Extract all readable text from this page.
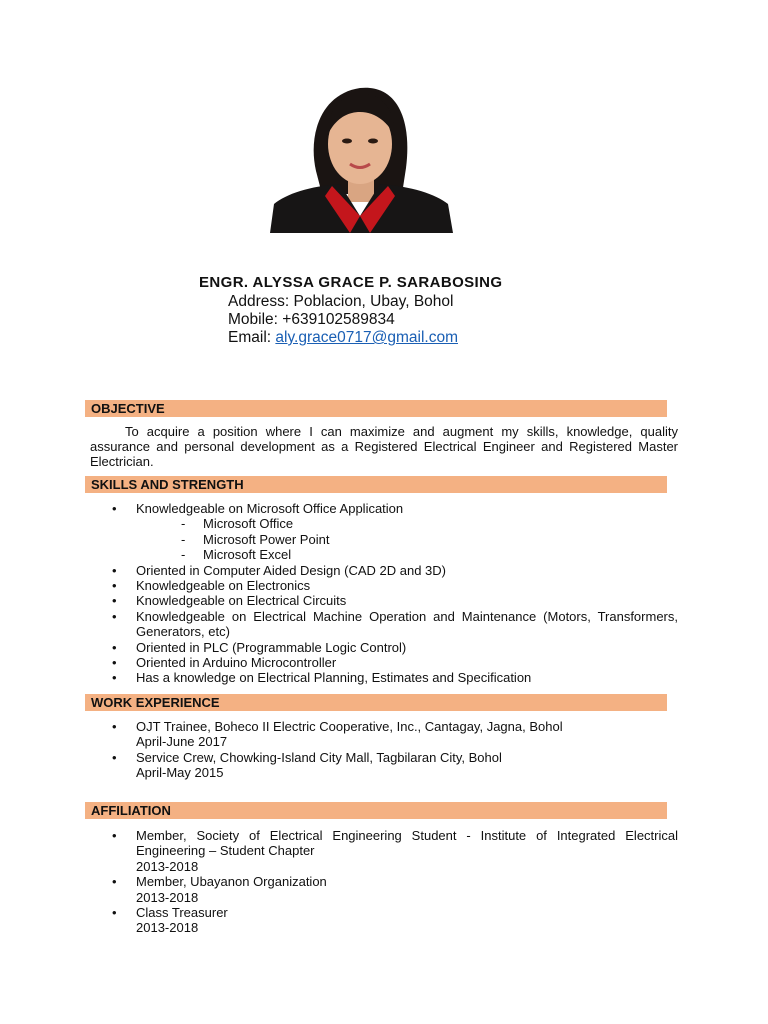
ENGR. ALYSSA GRACE P. SARABOSING

Address: Poblacion, Ubay, Bohol
Mobile: +639102589834
Email: aly.grace0717@gmail.com
OBJECTIVE
To acquire a position where I can maximize and augment my skills, knowledge, quality assurance and personal development as a Registered Electrical Engineer and Registered Master Electrician.
SKILLS AND STRENGTH
• Knowledgeable on Microsoft Office Application
- Microsoft Office
- Microsoft Power Point
- Microsoft Excel
• Oriented in Computer Aided Design (CAD 2D and 3D)
• Knowledgeable on Electronics
• Knowledgeable on Electrical Circuits
• Knowledgeable on Electrical Machine Operation and Maintenance (Motors, Transformers, Generators, etc)
• Oriented in PLC (Programmable Logic Control)
• Oriented in Arduino Microcontroller
• Has a knowledge on Electrical Planning, Estimates and Specification
WORK EXPERIENCE
• OJT Trainee, Boheco II Electric Cooperative, Inc., Cantagay, Jagna, Bohol
April-June 2017
• Service Crew, Chowking-Island City Mall, Tagbilaran City, Bohol
April-May 2015
AFFILIATION
• Member, Society of Electrical Engineering Student - Institute of Integrated Electrical Engineering – Student Chapter
2013-2018
• Member, Ubayanon Organization
2013-2018
• Class Treasurer
2013-2018
